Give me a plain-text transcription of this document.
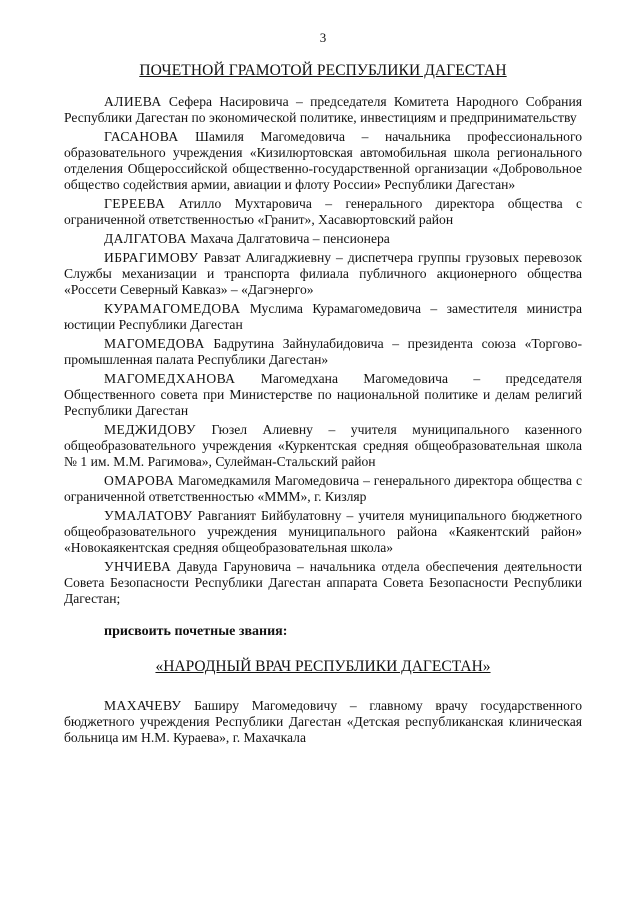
3
ПОЧЕТНОЙ ГРАМОТОЙ РЕСПУБЛИКИ ДАГЕСТАН
АЛИЕВА Сефера Насировича – председателя Комитета Народного Собрания Республики Дагестан по экономической политике, инвестициям и предпринимательству
ГАСАНОВА Шамиля Магомедовича – начальника профессионального образовательного учреждения «Кизилюртовская автомобильная школа регионального отделения Общероссийской общественно-государственной организации «Добровольное общество содействия армии, авиации и флоту России» Республики Дагестан»
ГЕРЕЕВА Атилло Мухтаровича – генерального директора общества с ограниченной ответственностью «Гранит», Хасавюртовский район
ДАЛГАТОВА Махача Далгатовича – пенсионера
ИБРАГИМОВУ Равзат Алигаджиевну – диспетчера группы грузовых перевозок Службы механизации и транспорта филиала публичного акционерного общества «Россети Северный Кавказ» – «Дагэнерго»
КУРАМАГОМЕДОВА Муслима Курамагомедовича – заместителя министра юстиции Республики Дагестан
МАГОМЕДОВА Бадрутина Зайнулабидовича – президента союза «Торгово-промышленная палата Республики Дагестан»
МАГОМЕДХАНОВА Магомедхана Магомедовича – председателя Общественного совета при Министерстве по национальной политике и делам религий Республики Дагестан
МЕДЖИДОВУ Гюзел Алиевну – учителя муниципального казенного общеобразовательного учреждения «Куркентская средняя общеобразовательная школа № 1 им. М.М. Рагимова», Сулейман-Стальский район
ОМАРОВА Магомедкамиля Магомедовича – генерального директора общества с ограниченной ответственностью «МММ», г. Кизляр
УМАЛАТОВУ Равганият Бийбулатовну – учителя муниципального бюджетного общеобразовательного учреждения муниципального района «Каякентский район» «Новокаякентская средняя общеобразовательная школа»
УНЧИЕВА Давуда Гаруновича – начальника отдела обеспечения деятельности Совета Безопасности Республики Дагестан аппарата Совета Безопасности Республики Дагестан;
присвоить почетные звания:
«НАРОДНЫЙ ВРАЧ РЕСПУБЛИКИ ДАГЕСТАН»
МАХАЧЕВУ Баширу Магомедовичу – главному врачу государственного бюджетного учреждения Республики Дагестан «Детская республиканская клиническая больница им Н.М. Кураева», г. Махачкала
